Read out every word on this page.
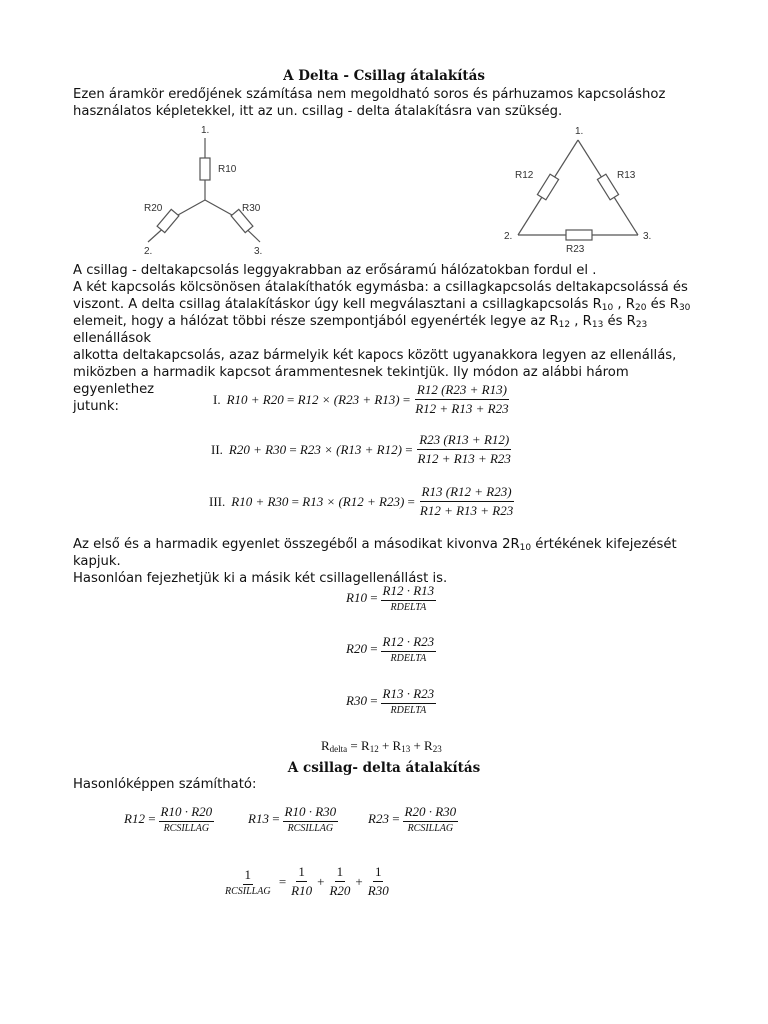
A Delta - Csillag átalakítás

Ezen áramkör eredőjének számítása nem megoldható soros és párhuzamos kapcsoláshoz

használatos képletekkel, itt az un. csillag - delta átalakításra van szükség.

1.
R10
R20	R30
2.	3.
1.
R12	R13
R23
2.	3.

A csillag - deltakapcsolás leggyakrabban az erősáramú hálózatokban fordul el .

A két kapcsolás kölcsönösen átalakíthatók egymásba: a csillagkapcsolás deltakapcsolássá és

viszont. A delta csillag átalakításkor úgy kell megválasztani a csillagkapcsolás $R_{10}$ , $R_{20}$ és $R_{30}$

elemeit, hogy a hálózat többi része szempontjából egyenérték legye az $R_{12}$ , $R_{13}$ és $R_{23}$ ellenállások

alkotta deltakapcsolás, azaz bármelyik két kapocs között ugyanakkora legyen az ellenállás,

miközben a harmadik kapcsot árammentesnek tekintjük. Ily módon az alábbi három egyenlethez

jutunk:	I. $R10 + R20 = R12 \times (R23 + R13) = \frac{R12 (R23 + R13)}{R12 + R13 + R23}$
II. $R20 + R30 = R23 \times (R13 + R12) = \frac{R23 (R13 + R12)}{R12 + R13 + R23}$
III. $R10 + R30 = R13 \times (R12 + R23) = \frac{R13 (R12 + R23)}{R12 + R13 + R23}$

Az első és a harmadik egyenlet összegéből a másodikat kivonva $2R_{10}$ értékének kifejezését kapjuk.

Hasonlóan fejezhetjük ki a másik két csillagellenállást is.

$R10 = \frac{R12 \cdot R13}{\text{RDELTA}}$
$R20 = \frac{R12 \cdot R23}{\text{RDELTA}}$
$R30 = \frac{R13 \cdot R23}{\text{RDELTA}}$
$R_{delta} = R_{12} + R_{13} + R_{23}$
A csillag- delta átalakítás
Hasonlóképpen számítható:
$R12 = \frac{R10 \cdot R20}{\text{RCSILLAG}}$	$R13 = \frac{R10 \cdot R30}{\text{RCSILLAG}} R23 = \frac{R20 \cdot R30}{\text{RCSILLAG}}$
$\frac{1}{\text{RCSILLAG}} = \frac{1}{R10} + \frac{1}{R20} + \frac{1}{R30}$
